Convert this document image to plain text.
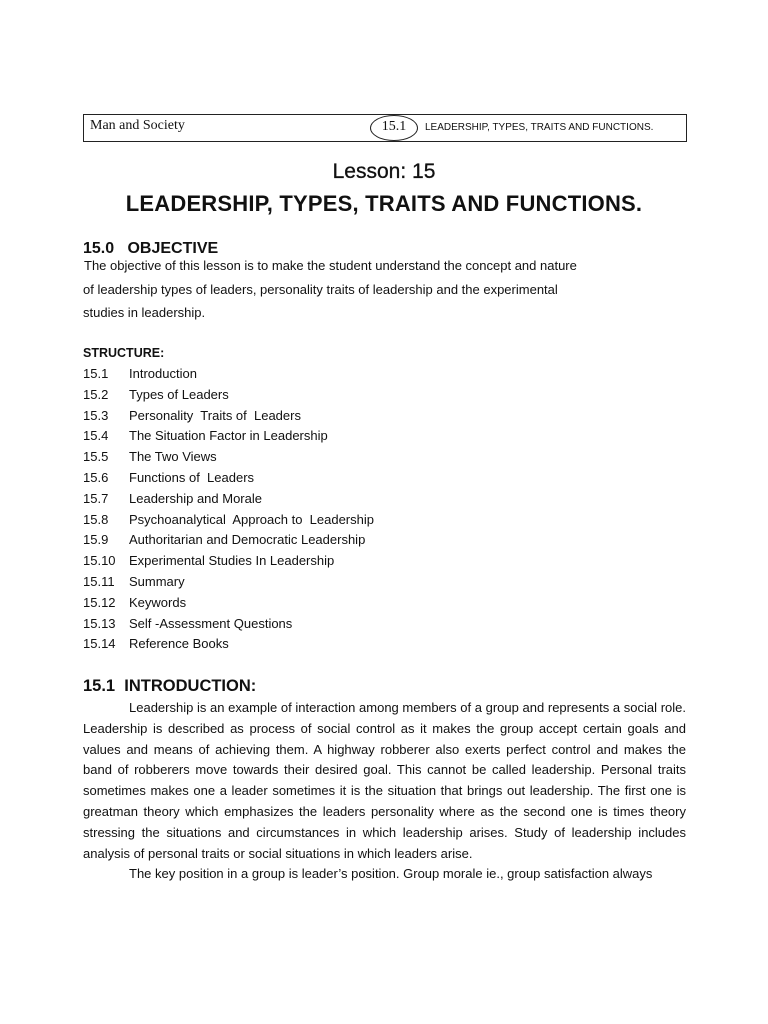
Man and Society	15.1	LEADERSHIP, TYPES, TRAITS AND FUNCTIONS.
Lesson: 15
LEADERSHIP, TYPES, TRAITS AND FUNCTIONS.
15.0   OBJECTIVE
The objective of this lesson is to make the student understand the concept and nature
of leadership types of leaders, personality traits of leadership and the experimental
studies in leadership.
STRUCTURE:
15.1 Introduction
15.2 Types of Leaders
15.3 Personality  Traits of  Leaders
15.4 The Situation Factor in Leadership
15.5 The Two Views
15.6 Functions of  Leaders
15.7 Leadership and Morale
15.8 Psychoanalytical  Approach to  Leadership
15.9 Authoritarian and Democratic Leadership
15.10 Experimental Studies In Leadership
15.11 Summary
15.12 Keywords
15.13 Self -Assessment Questions
15.14 Reference Books
15.1  INTRODUCTION:

Leadership is an example of interaction among members of a group and represents a social role. Leadership is described as process of social control as it makes the group accept certain goals and values and means of achieving them. A highway robberer also exerts perfect control and makes the band of robberers move towards their desired goal. This cannot be called leadership. Personal traits sometimes makes one a leader sometimes it is the situation that brings out leadership. The first one is greatman theory which emphasizes the leaders personality where as the second one is times theory stressing the situations and circumstances in which leadership arises. Study of leadership includes analysis of personal traits or social situations in which leaders arise.

The key position in a group is leader’s position. Group morale ie., group satisfaction always
